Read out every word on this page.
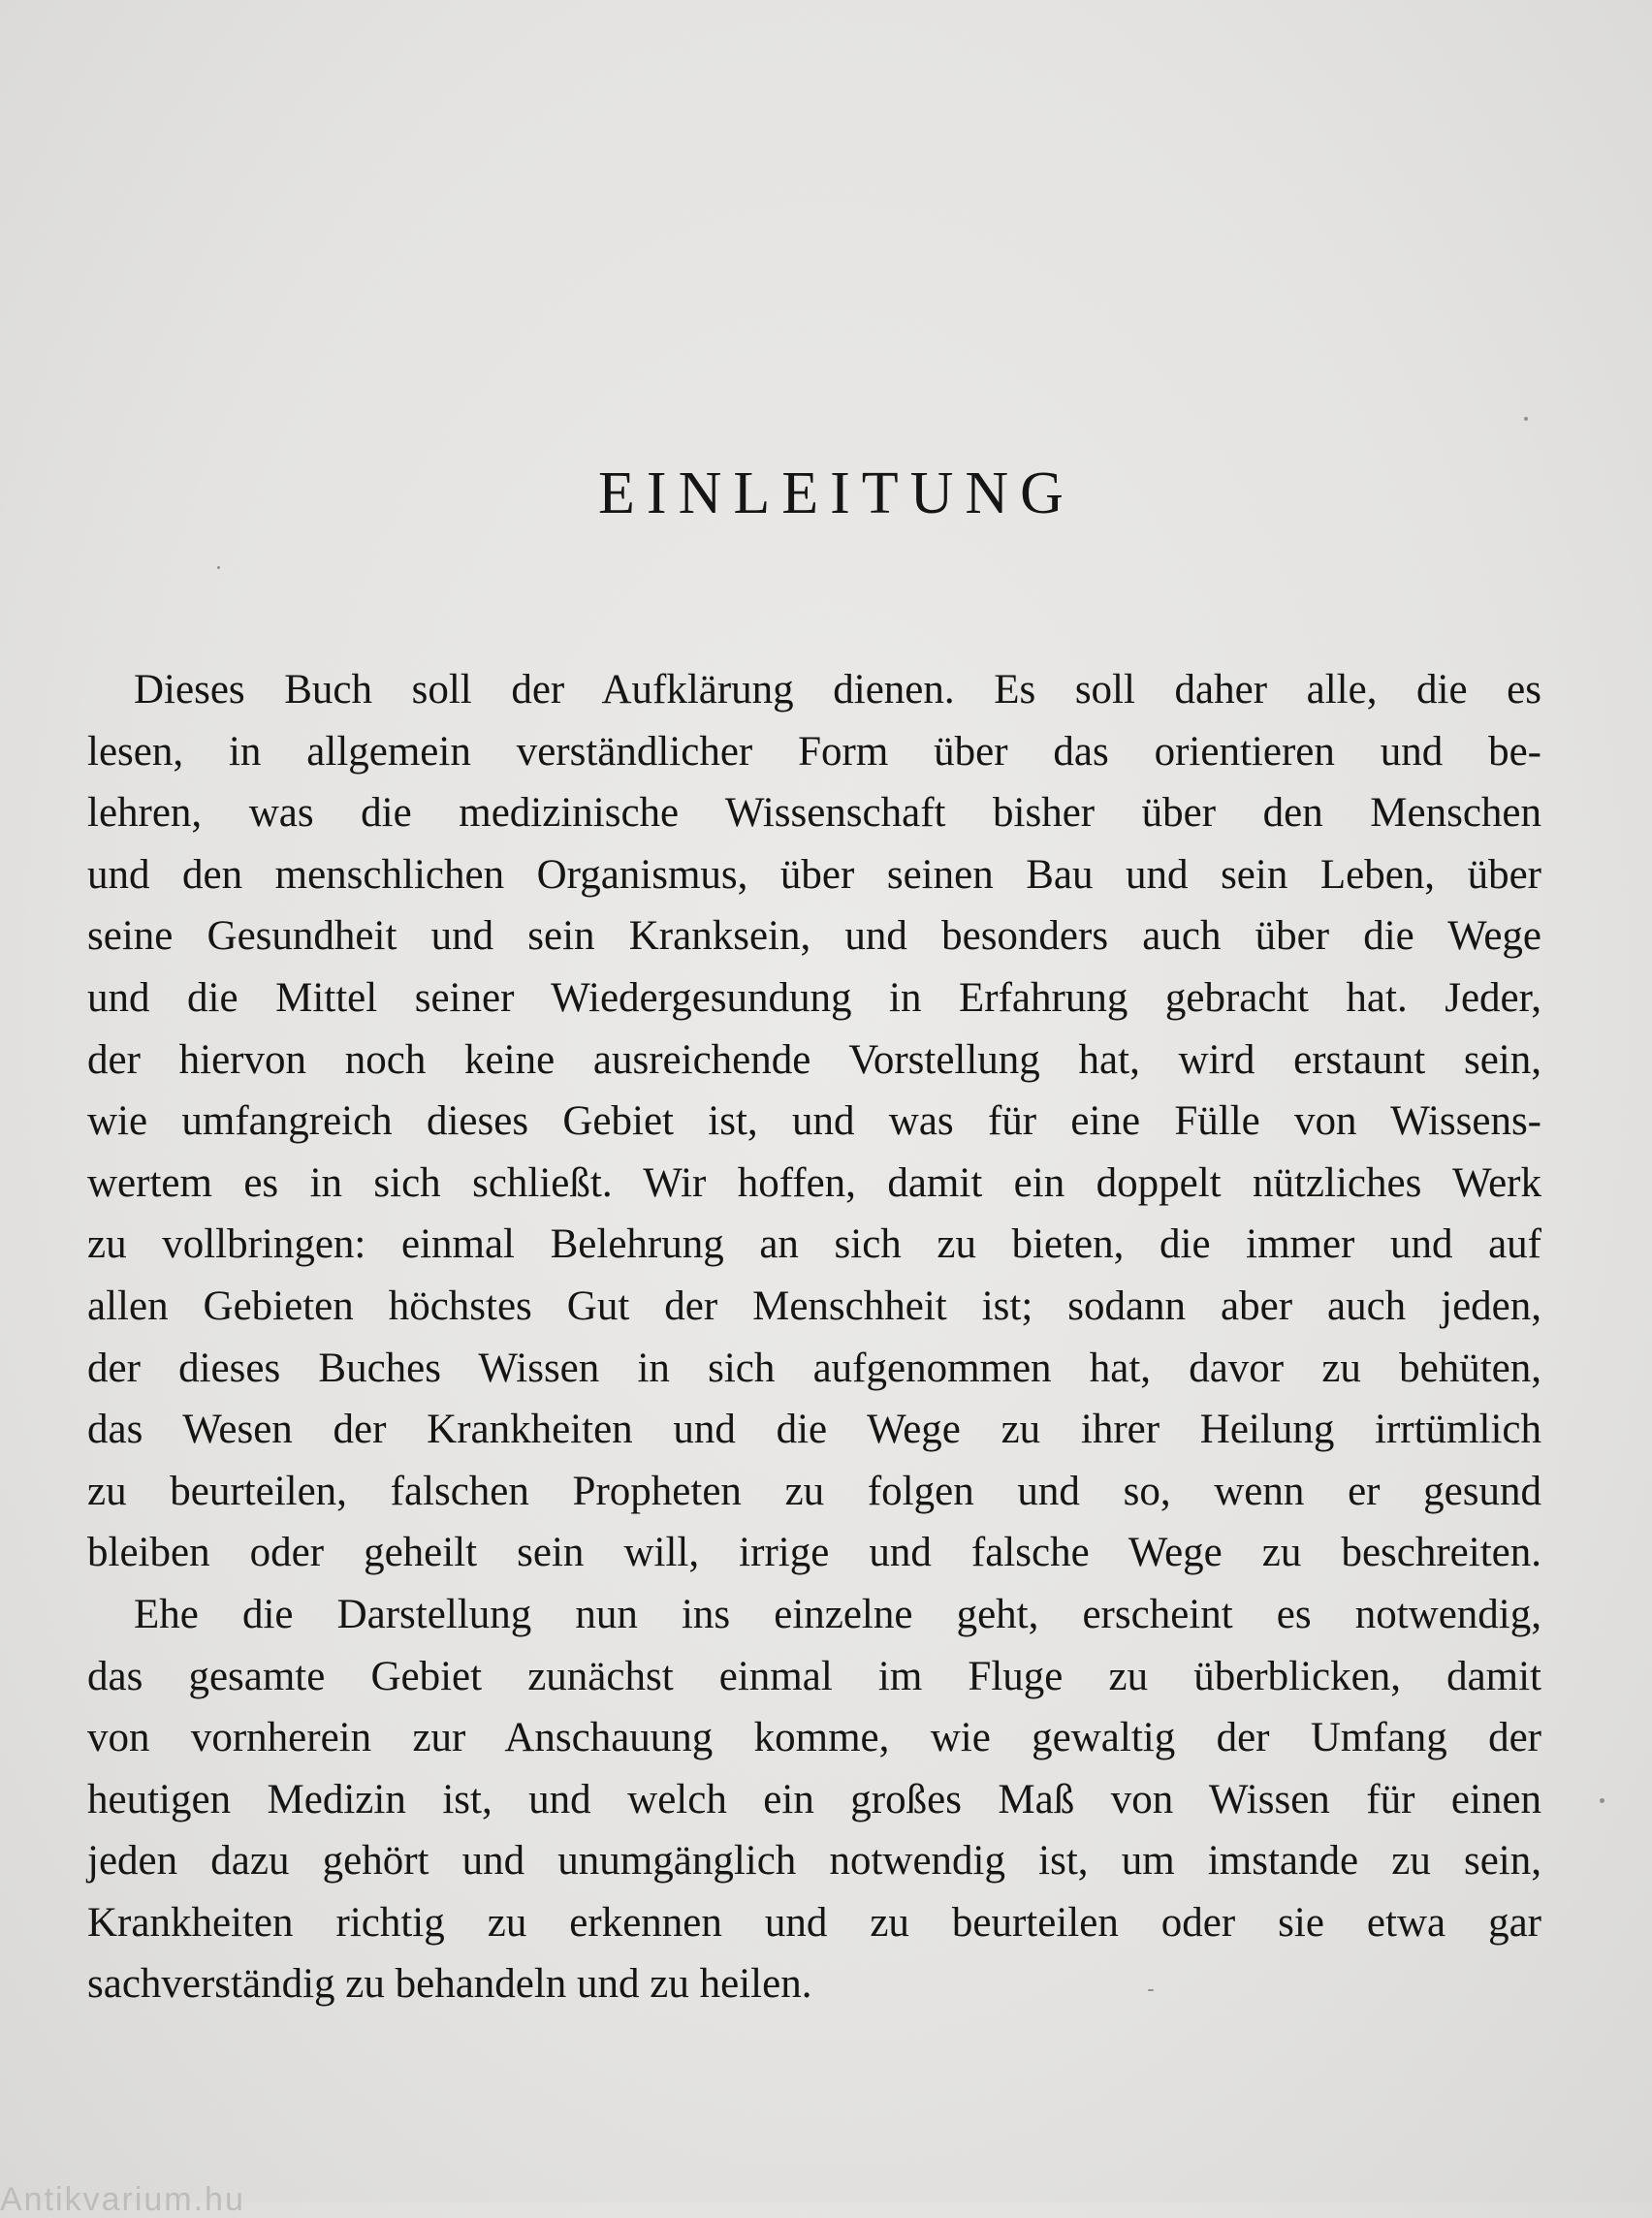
EINLEITUNG

Dieses Buch soll der Aufklärung dienen. Es soll daher alle, die es
lesen, in allgemein verständlicher Form über das orientieren und be-
lehren, was die medizinische Wissenschaft bisher über den Menschen
und den menschlichen Organismus, über seinen Bau und sein Leben, über
seine Gesundheit und sein Kranksein, und besonders auch über die Wege
und die Mittel seiner Wiedergesundung in Erfahrung gebracht hat. Jeder,
der hiervon noch keine ausreichende Vorstellung hat, wird erstaunt sein,
wie umfangreich dieses Gebiet ist, und was für eine Fülle von Wissens-
wertem es in sich schließt. Wir hoffen, damit ein doppelt nützliches Werk
zu vollbringen: einmal Belehrung an sich zu bieten, die immer und auf
allen Gebieten höchstes Gut der Menschheit ist; sodann aber auch jeden,
der dieses Buches Wissen in sich aufgenommen hat, davor zu behüten,
das Wesen der Krankheiten und die Wege zu ihrer Heilung irrtümlich
zu beurteilen, falschen Propheten zu folgen und so, wenn er gesund
bleiben oder geheilt sein will, irrige und falsche Wege zu beschreiten.

Ehe die Darstellung nun ins einzelne geht, erscheint es notwendig,
das gesamte Gebiet zunächst einmal im Fluge zu überblicken, damit
von vornherein zur Anschauung komme, wie gewaltig der Umfang der
heutigen Medizin ist, und welch ein großes Maß von Wissen für einen
jeden dazu gehört und unumgänglich notwendig ist, um imstande zu sein,
Krankheiten richtig zu erkennen und zu beurteilen oder sie etwa gar
sachverständig zu behandeln und zu heilen.

Antikvarium.hu
